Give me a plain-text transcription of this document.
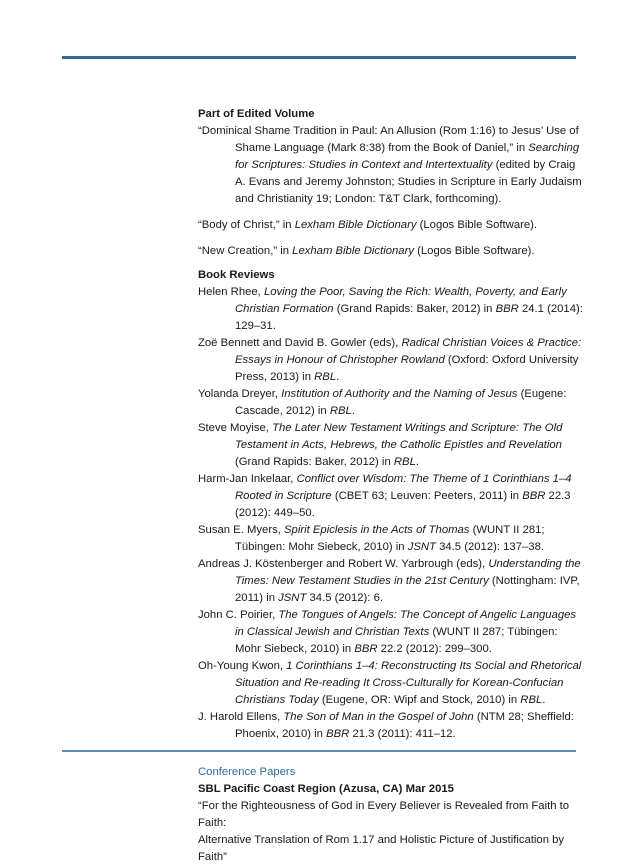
Part of Edited Volume

“Dominical Shame Tradition in Paul: An Allusion (Rom 1:16) to Jesus’ Use of Shame Language (Mark 8:38) from the Book of Daniel,” in Searching for Scriptures: Studies in Context and Intertextuality (edited by Craig A. Evans and Jeremy Johnston; Studies in Scripture in Early Judaism and Christianity 19; London: T&T Clark, forthcoming).

“Body of Christ,” in Lexham Bible Dictionary (Logos Bible Software).

“New Creation,” in Lexham Bible Dictionary (Logos Bible Software).

Book Reviews

Helen Rhee, Loving the Poor, Saving the Rich: Wealth, Poverty, and Early Christian Formation (Grand Rapids: Baker, 2012) in BBR 24.1 (2014): 129–31.

Zoë Bennett and David B. Gowler (eds), Radical Christian Voices & Practice: Essays in Honour of Christopher Rowland (Oxford: Oxford University Press, 2013) in RBL.

Yolanda Dreyer, Institution of Authority and the Naming of Jesus (Eugene: Cascade, 2012) in RBL.

Steve Moyise, The Later New Testament Writings and Scripture: The Old Testament in Acts, Hebrews, the Catholic Epistles and Revelation (Grand Rapids: Baker, 2012) in RBL.

Harm-Jan Inkelaar, Conflict over Wisdom: The Theme of 1 Corinthians 1–4 Rooted in Scripture (CBET 63; Leuven: Peeters, 2011) in BBR 22.3 (2012): 449–50.

Susan E. Myers, Spirit Epiclesis in the Acts of Thomas (WUNT II 281; Tübingen: Mohr Siebeck, 2010) in JSNT 34.5 (2012): 137–38.

Andreas J. Köstenberger and Robert W. Yarbrough (eds), Understanding the Times: New Testament Studies in the 21st Century (Nottingham: IVP, 2011) in JSNT 34.5 (2012): 6.

John C. Poirier, The Tongues of Angels: The Concept of Angelic Languages in Classical Jewish and Christian Texts (WUNT II 287; Tübingen: Mohr Siebeck, 2010) in BBR 22.2 (2012): 299–300.

Oh-Young Kwon, 1 Corinthians 1–4: Reconstructing Its Social and Rhetorical Situation and Re-reading It Cross-Culturally for Korean-Confucian Christians Today (Eugene, OR: Wipf and Stock, 2010) in RBL.

J. Harold Ellens, The Son of Man in the Gospel of John (NTM 28; Sheffield: Phoenix, 2010) in BBR 21.3 (2011): 411–12.

Conference Papers

SBL Pacific Coast Region (Azusa, CA) Mar 2015

“For the Righteousness of God in Every Believer is Revealed from Faith to Faith:

Alternative Translation of Rom 1.17 and Holistic Picture of Justification by Faith”
